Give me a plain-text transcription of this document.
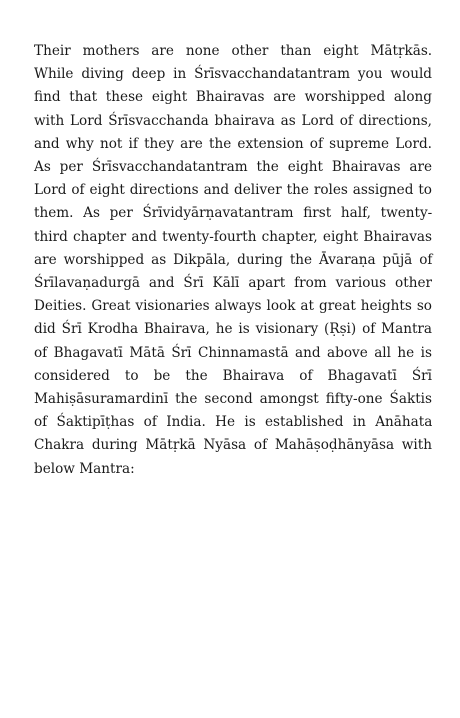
Their mothers are none other than eight Mātṛkās.
While diving deep in Śrīsvacchandatantram you would
find that these eight Bhairavas are worshipped along
with Lord Śrīsvacchanda bhairava as Lord of directions,
and why not if they are the extension of supreme Lord.
As per Śrīsvacchandatantram the eight Bhairavas are
Lord of eight directions and deliver the roles assigned to
them. As per Śrīvidyārṇavatantram first half, twenty-
third chapter and twenty-fourth chapter, eight Bhairavas
are worshipped as Dikpāla, during the Āvaraṇa pūjā of
Śrīlavaṇadurgā and Śrī Kālī apart from various other
Deities. Great visionaries always look at great heights so
did Śrī Krodha Bhairava, he is visionary (Ṛṣi) of Mantra
of Bhagavatī Mātā Śrī Chinnamastā and above all he is
considered to be the Bhairava of Bhagavatī Śrī
Mahiṣāsuramardinī the second amongst fifty-one Śaktis
of Śaktipīṭhas of India. He is established in Anāhata
Chakra during Mātṛkā Nyāsa of Mahāṣoḍhānyāsa with
below Mantra:
